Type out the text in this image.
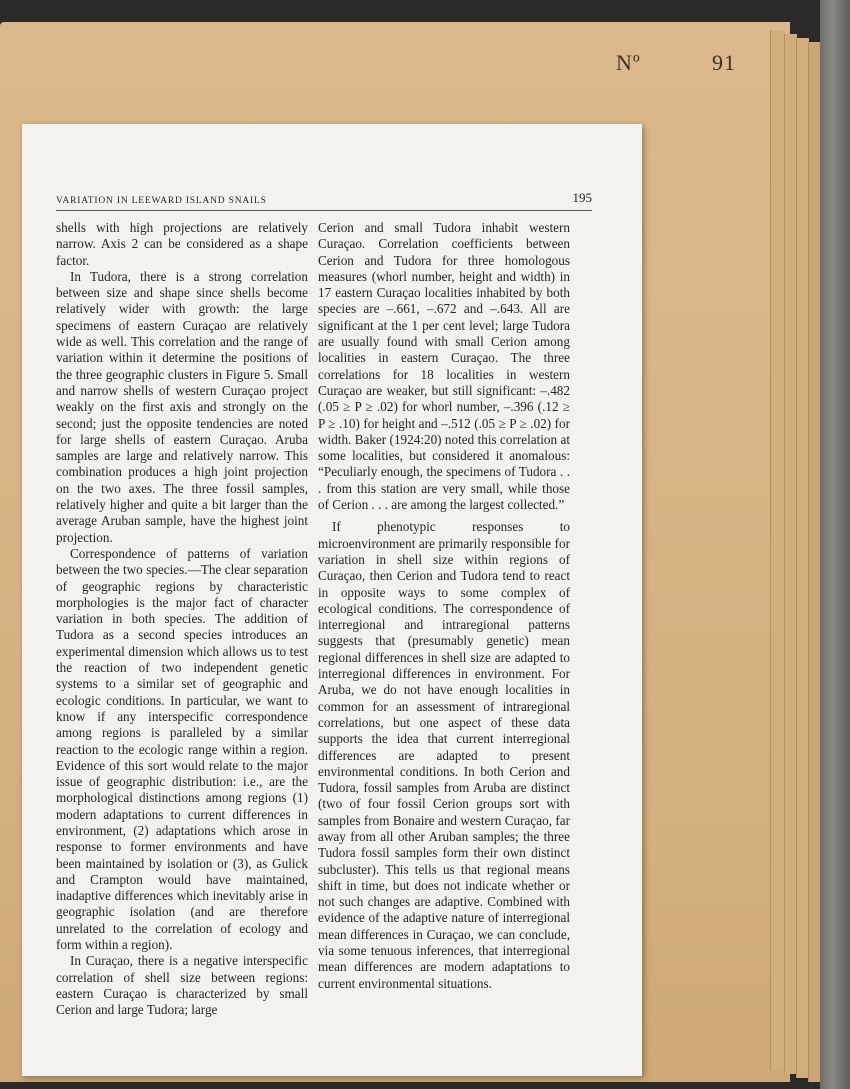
Nº	91
VARIATION IN LEEWARD ISLAND SNAILS	195

shells with high projections are relatively narrow. Axis 2 can be considered as a shape factor.

In Tudora, there is a strong correlation between size and shape since shells become relatively wider with growth: the large specimens of eastern Curaçao are relatively wide as well. This correlation and the range of variation within it determine the positions of the three geographic clusters in Figure 5. Small and narrow shells of western Curaçao project weakly on the first axis and strongly on the second; just the opposite tendencies are noted for large shells of eastern Curaçao. Aruba samples are large and relatively narrow. This combination produces a high joint projection on the two axes. The three fossil samples, relatively higher and quite a bit larger than the average Aruban sample, have the highest joint projection.

Correspondence of patterns of variation between the two species.—The clear separation of geographic regions by characteristic morphologies is the major fact of character variation in both species. The addition of Tudora as a second species introduces an experimental dimension which allows us to test the reaction of two independent genetic systems to a similar set of geographic and ecologic conditions. In particular, we want to know if any interspecific correspondence among regions is paralleled by a similar reaction to the ecologic range within a region. Evidence of this sort would relate to the major issue of geographic distribution: i.e., are the morphological distinctions among regions (1) modern adaptations to current differences in environment, (2) adaptations which arose in response to former environments and have been maintained by isolation or (3), as Gulick and Crampton would have maintained, inadaptive differences which inevitably arise in geographic isolation (and are therefore unrelated to the correlation of ecology and form within a region).

In Curaçao, there is a negative interspecific correlation of shell size between regions: eastern Curaçao is characterized by small Cerion and large Tudora; large

Cerion and small Tudora inhabit western Curaçao. Correlation coefficients between Cerion and Tudora for three homologous measures (whorl number, height and width) in 17 eastern Curaçao localities inhabited by both species are –.661, –.672 and –.643. All are significant at the 1 per cent level; large Tudora are usually found with small Cerion among localities in eastern Curaçao. The three correlations for 18 localities in western Curaçao are weaker, but still significant: –.482 (.05 ≥ P ≥ .02) for whorl number, –.396 (.12 ≥ P ≥ .10) for height and –.512 (.05 ≥ P ≥ .02) for width. Baker (1924:20) noted this correlation at some localities, but considered it anomalous: “Peculiarly enough, the specimens of Tudora . . . from this station are very small, while those of Cerion . . . are among the largest collected.”

If phenotypic responses to microenvironment are primarily responsible for variation in shell size within regions of Curaçao, then Cerion and Tudora tend to react in opposite ways to some complex of ecological conditions. The correspondence of interregional and intraregional patterns suggests that (presumably genetic) mean regional differences in shell size are adapted to interregional differences in environment. For Aruba, we do not have enough localities in common for an assessment of intraregional correlations, but one aspect of these data supports the idea that current interregional differences are adapted to present environmental conditions. In both Cerion and Tudora, fossil samples from Aruba are distinct (two of four fossil Cerion groups sort with samples from Bonaire and western Curaçao, far away from all other Aruban samples; the three Tudora fossil samples form their own distinct subcluster). This tells us that regional means shift in time, but does not indicate whether or not such changes are adaptive. Combined with evidence of the adaptive nature of interregional mean differences in Curaçao, we can conclude, via some tenuous inferences, that interregional mean differences are modern adaptations to current environmental situations.
